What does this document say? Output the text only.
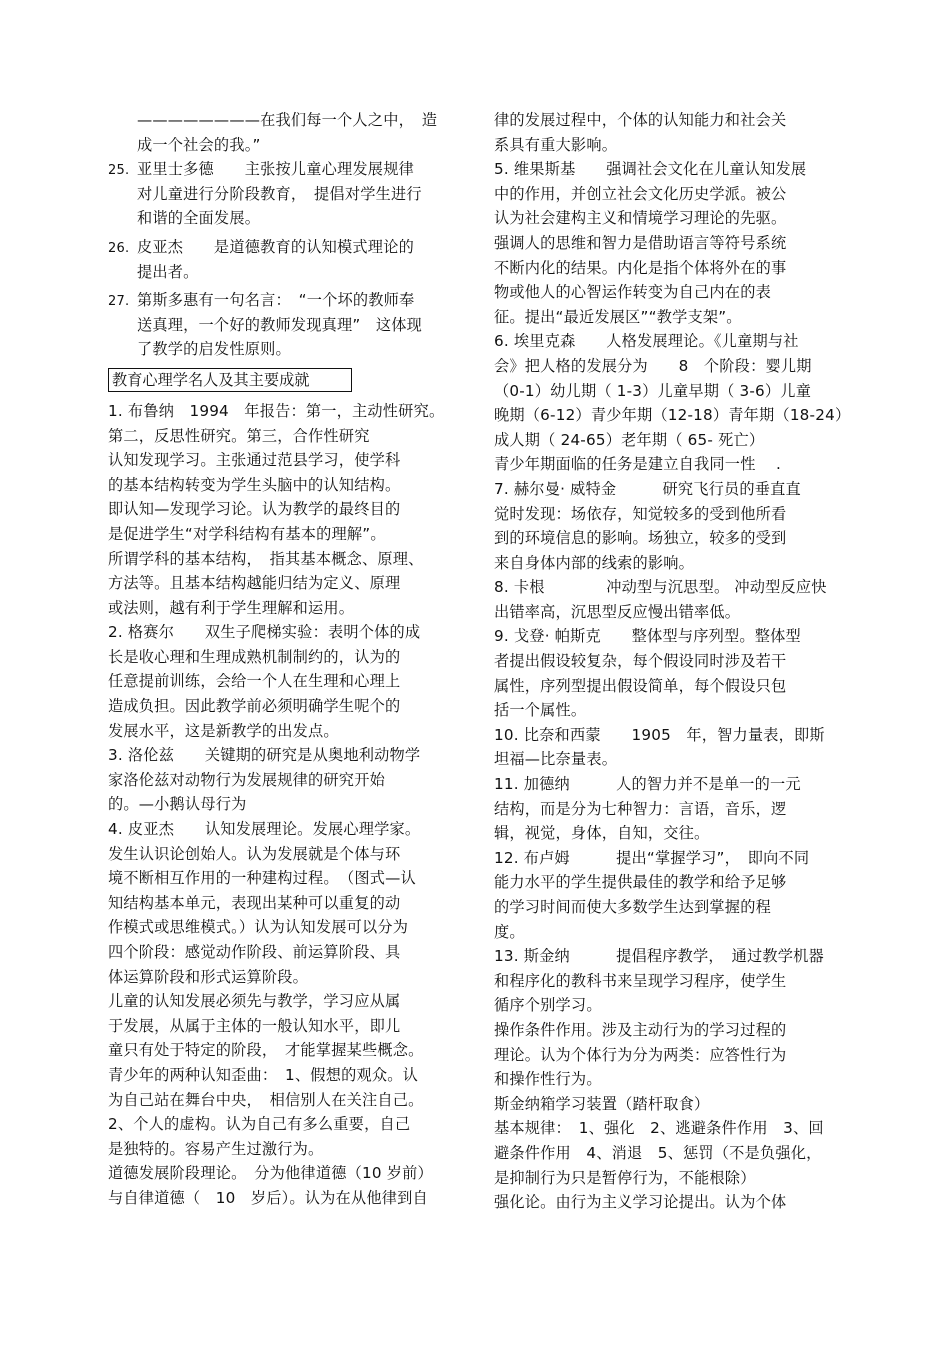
————————在我们每一个人之中，　造
成一个社会的我。”
25. 亚里士多德　　主张按儿童心理发展规律
对儿童进行分阶段教育，　提倡对学生进行
和谐的全面发展。
26. 皮亚杰　　是道德教育的认知模式理论的
提出者。
27. 第斯多惠有一句名言：　“一个坏的教师奉
送真理，一个好的教师发现真理”　这体现
了教学的启发性原则。
教育心理学名人及其主要成就
1. 布鲁纳　1994　年报告：第一，主动性研究。
第二，反思性研究。第三，合作性研究
认知发现学习。主张通过范县学习，使学科
的基本结构转变为学生头脑中的认知结构。
即认知—发现学习论。认为教学的最终目的
是促进学生“对学科结构有基本的理解”。
所谓学科的基本结构，　指其基本概念、原理、
方法等。且基本结构越能归结为定义、原理
或法则，越有利于学生理解和运用。
2. 格赛尔　　双生子爬梯实验：表明个体的成
长是收心理和生理成熟机制制约的，认为的
任意提前训练，会给一个人在生理和心理上
造成负担。因此教学前必须明确学生呢个的
发展水平，这是新教学的出发点。
3. 洛伦兹　　关键期的研究是从奥地利动物学
家洛伦兹对动物行为发展规律的研究开始
的。—小鹅认母行为
4. 皮亚杰　　认知发展理论。发展心理学家。
发生认识论创始人。认为发展就是个体与环
境不断相互作用的一种建构过程。　（图式—认
知结构基本单元，表现出某种可以重复的动
作模式或思维模式。）认为认知发展可以分为
四个阶段：感觉动作阶段、前运算阶段、具
体运算阶段和形式运算阶段。
儿童的认知发展必须先与教学，学习应从属
于发展，从属于主体的一般认知水平，即儿
童只有处于特定的阶段，　才能掌握某些概念。
青少年的两种认知歪曲：　1、假想的观众。认
为自己站在舞台中央，　相信别人在关注自己。
2、个人的虚构。认为自己有多么重要，自己
是独特的。容易产生过激行为。
道德发展阶段理论。　分为他律道德（10 岁前）
与自律道德（　10　岁后）。认为在从他律到自
律的发展过程中，个体的认知能力和社会关
系具有重大影响。
5. 维果斯基　　强调社会文化在儿童认知发展
中的作用，并创立社会文化历史学派。被公
认为社会建构主义和情境学习理论的先驱。
强调人的思维和智力是借助语言等符号系统
不断内化的结果。内化是指个体将外在的事
物或他人的心智运作转变为自己内在的表
征。提出“最近发展区”“教学支架”。
6. 埃里克森　　人格发展理论。《儿童期与社
会》把人格的发展分为　　8　个阶段：婴儿期
（0-1）幼儿期（ 1-3）儿童早期（ 3-6）儿童
晚期（6-12）青少年期（12-18）青年期（18-24）
成人期（ 24-65）老年期（ 65- 死亡）
青少年期面临的任务是建立自我同一性　 .
7. 赫尔曼· 威特金　　　研究飞行员的垂直直
觉时发现：场依存，知觉较多的受到他所看
到的环境信息的影响。场独立，较多的受到
来自身体内部的线索的影响。
8. 卡根　　　　冲动型与沉思型。 冲动型反应快
出错率高，沉思型反应慢出错率低。
9. 戈登· 帕斯克　　整体型与序列型。整体型
者提出假设较复杂，每个假设同时涉及若干
属性，序列型提出假设简单，每个假设只包
括一个属性。
10. 比奈和西蒙　　1905　年，智力量表，即斯
坦福—比奈量表。
11. 加德纳　　　人的智力并不是单一的一元
结构，而是分为七种智力：言语，音乐，逻
辑，视觉，身体，自知，交往。
12. 布卢姆　　　提出“掌握学习”，　即向不同
能力水平的学生提供最佳的教学和给予足够
的学习时间而使大多数学生达到掌握的程
度。
13. 斯金纳　　　提倡程序教学，　通过教学机器
和程序化的教科书来呈现学习程序，使学生
循序个别学习。
操作条件作用。涉及主动行为的学习过程的
理论。认为个体行为分为两类：应答性行为
和操作性行为。
斯金纳箱学习装置（踏杆取食）
基本规律：　1、强化　2、逃避条件作用　3、回
避条件作用　4、消退　5、惩罚（不是负强化，
是抑制行为只是暂停行为，不能根除）
强化论。由行为主义学习论提出。认为个体
